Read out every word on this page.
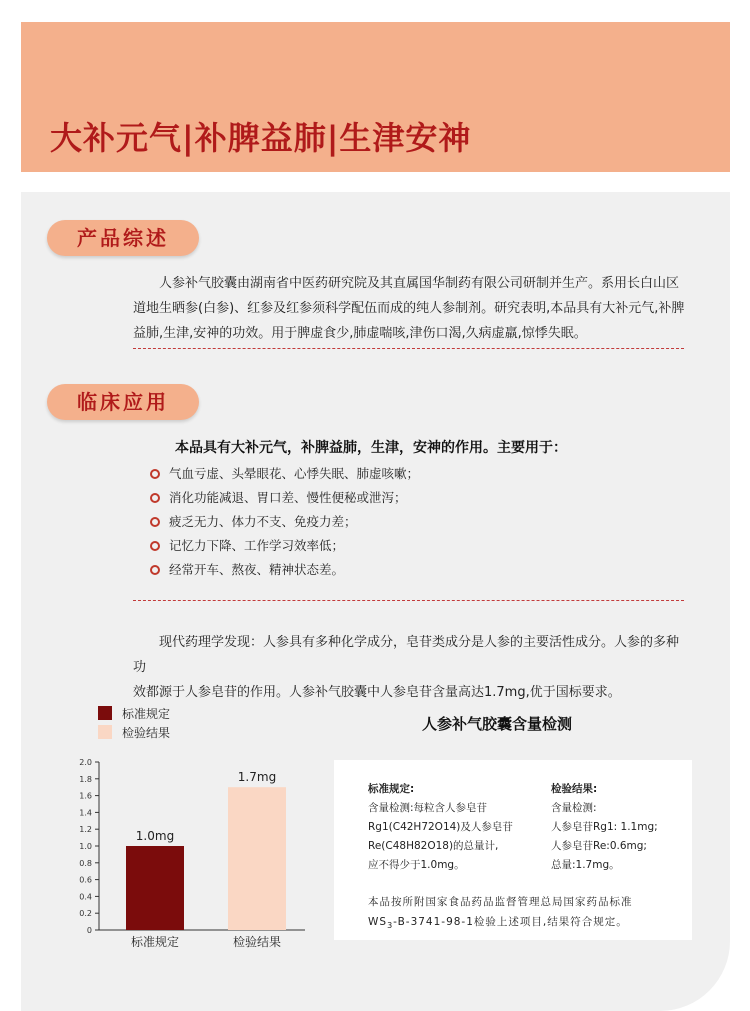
大补元气|补脾益肺|生津安神
产品综述

人参补气胶囊由湖南省中医药研究院及其直属国华制药有限公司研制并生产。系用长白山区

道地生晒参(白参)、红参及红参须科学配伍而成的纯人参制剂。研究表明,本品具有大补元气,补脾
益肺,生津,安神的功效。用于脾虚食少,肺虚喘咳,津伤口渴,久病虚羸,惊悸失眠。
临床应用
本品具有大补元气，补脾益肺，生津，安神的作用。主要用于：
气血亏虚、头晕眼花、心悸失眠、肺虚咳嗽；
消化功能减退、胃口差、慢性便秘或泄泻；
疲乏无力、体力不支、免疫力差；
记忆力下降、工作学习效率低；
经常开车、熬夜、精神状态差。

现代药理学发现：人参具有多种化学成分，皂苷类成分是人参的主要活性成分。人参的多种功

效都源于人参皂苷的作用。人参补气胶囊中人参皂苷含量高达1.7mg,优于国标要求。
标准规定
检验结果
0
0.2
0.4
0.6
0.8
1.0
1.2
1.4
1.6
1.8
2.0
1.0mg
标准规定
1.7mg
检验结果
人参补气胶囊含量检测
标准规定:
含量检测:每粒含人参皂苷
Rg1(C42H72O14)及人参皂苷
Re(C48H82O18)的总量计,
应不得少于1.0mg。
检验结果:
含量检测:
人参皂苷Rg1: 1.1mg;
人参皂苷Re:0.6mg;
总量:1.7mg。
本品按所附国家食品药品监督管理总局国家药品标准
$WS_3-B-3741-98-1$检验上述项目,结果符合规定。
